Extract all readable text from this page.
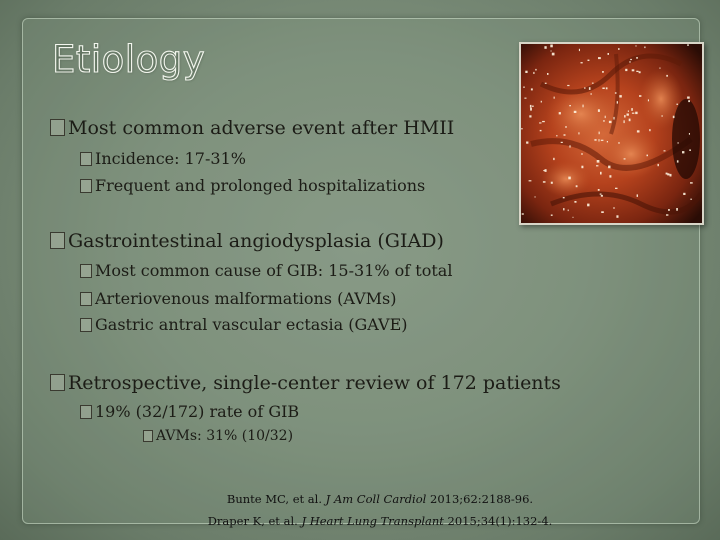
Etiology
Most common adverse event after HMII
Incidence: 17-31%
Frequent and prolonged hospitalizations
Gastrointestinal angiodysplasia (GIAD)
Most common cause of GIB: 15-31% of total
Arteriovenous malformations (AVMs)
Gastric antral vascular ectasia (GAVE)
Retrospective, single-center review of 172 patients
19% (32/172) rate of GIB
AVMs: 31% (10/32)
Bunte MC, et al. J Am Coll Cardiol 2013;62:2188-96.
Draper K, et al. J Heart Lung Transplant 2015;34(1):132-4.
